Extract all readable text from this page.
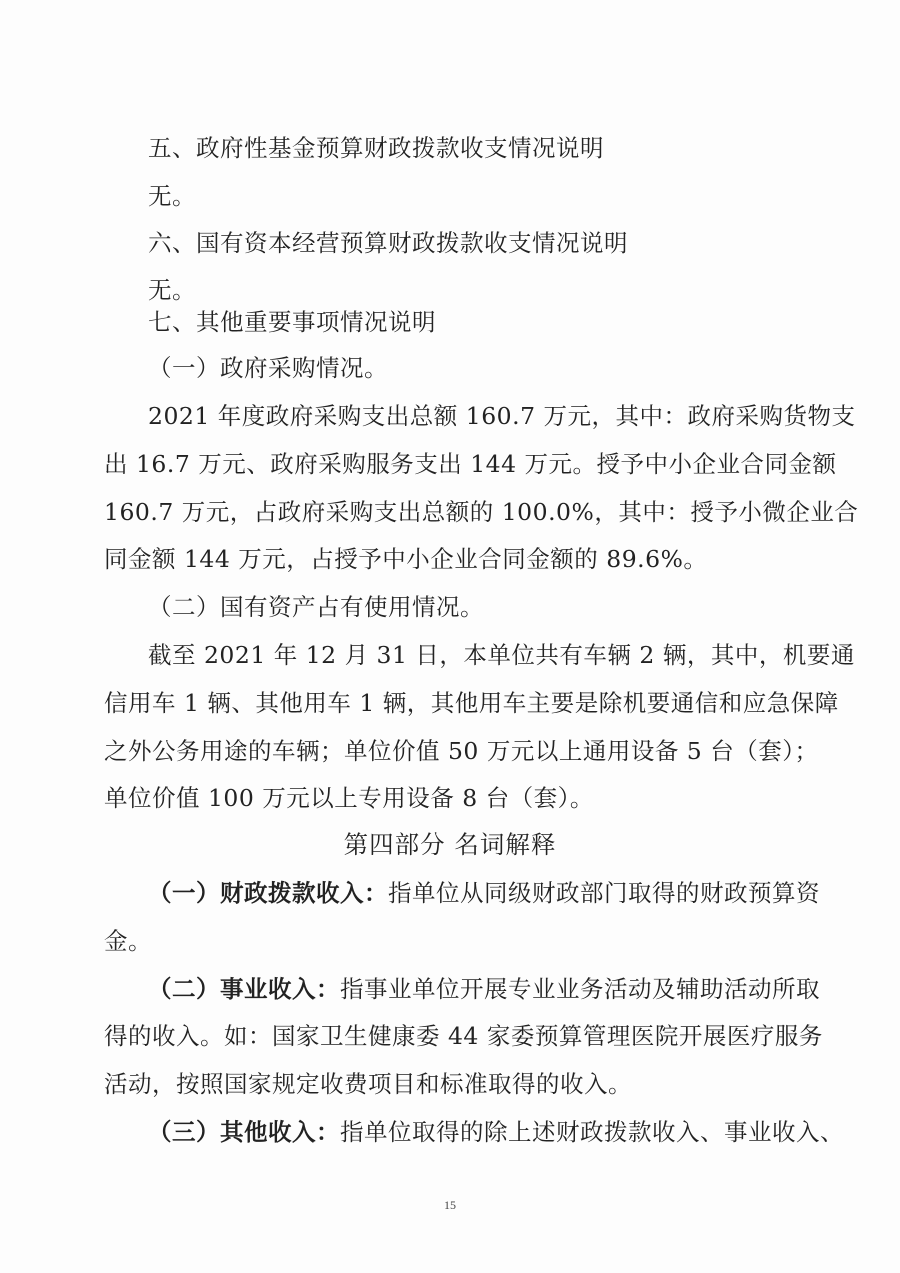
五、政府性基金预算财政拨款收支情况说明
无。
六、国有资本经营预算财政拨款收支情况说明
无。
七、其他重要事项情况说明
（一）政府采购情况。
2021 年度政府采购支出总额 160.7 万元，其中：政府采购货物支
出 16.7 万元、政府采购服务支出 144 万元。授予中小企业合同金额
160.7 万元，占政府采购支出总额的 100.0%，其中：授予小微企业合
同金额 144 万元，占授予中小企业合同金额的 89.6%。
（二）国有资产占有使用情况。
截至 2021 年 12 月 31 日，本单位共有车辆 2 辆，其中，机要通
信用车 1 辆、其他用车 1 辆，其他用车主要是除机要通信和应急保障
之外公务用途的车辆；单位价值 50 万元以上通用设备 5 台（套）；
单位价值 100 万元以上专用设备 8 台（套）。
第四部分 名词解释
（一）财政拨款收入：指单位从同级财政部门取得的财政预算资
金。
（二）事业收入：指事业单位开展专业业务活动及辅助活动所取
得的收入。如：国家卫生健康委 44 家委预算管理医院开展医疗服务
活动，按照国家规定收费项目和标准取得的收入。
（三）其他收入：指单位取得的除上述财政拨款收入、事业收入、
15
